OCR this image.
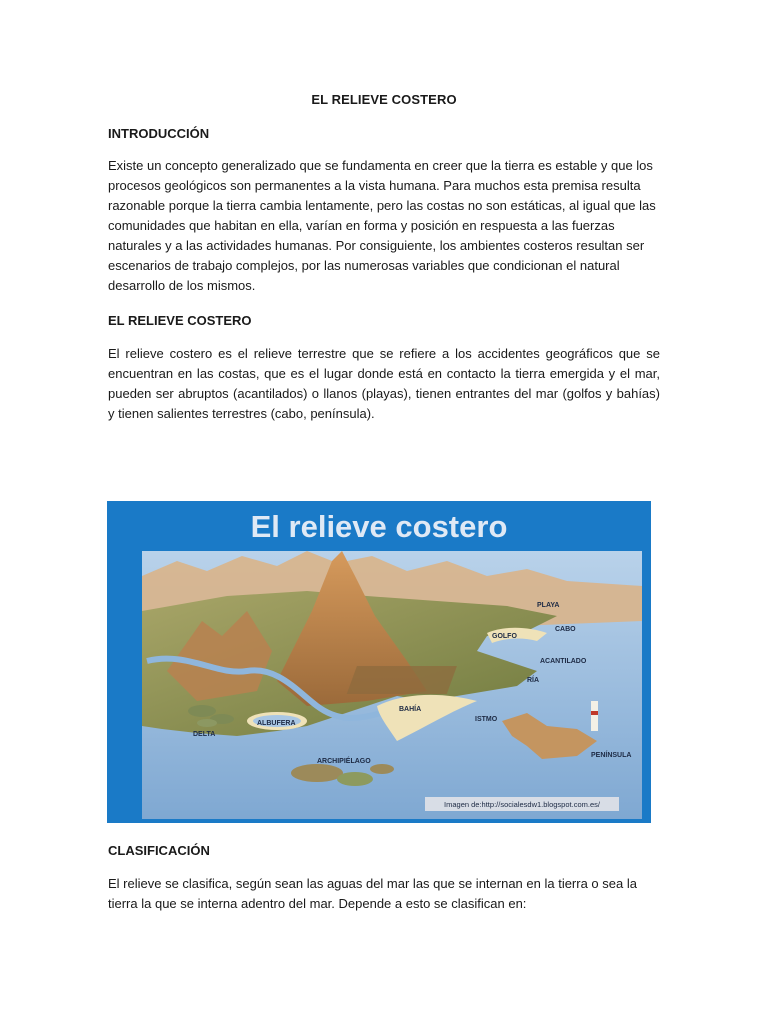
EL RELIEVE COSTERO
INTRODUCCIÓN

Existe un concepto generalizado que se fundamenta en creer que la tierra es estable y que los procesos geológicos son permanentes a la vista humana. Para muchos esta premisa resulta razonable porque la tierra cambia lentamente, pero las costas no son estáticas, al igual que las comunidades que habitan en ella, varían en forma y posición en respuesta a las fuerzas naturales y a las actividades humanas. Por consiguiente, los ambientes costeros resultan ser escenarios de trabajo complejos, por las numerosas variables que condicionan el natural desarrollo de los mismos.

EL RELIEVE COSTERO

El relieve costero es el relieve terrestre que se refiere a los accidentes geográficos que se encuentran en las costas, que es el lugar donde está en contacto la tierra emergida y el mar, pueden ser abruptos (acantilados) o llanos (playas), tienen entrantes del mar (golfos y bahías) y tienen salientes terrestres (cabo, península).

El relieve costero
PLAYA
CABO
GOLFO
ACANTILADO
RÍA
ALBUFERA
BAHÍA
ISTMO
DELTA
PENÍNSULA
ARCHIPIÉLAGO
Imagen de:http://socialesdw1.blogspot.com.es/
CLASIFICACIÓN

El relieve se clasifica, según sean las aguas del mar las que se internan en la tierra o sea la tierra la que se interna adentro del mar. Depende a esto se clasifican en:
